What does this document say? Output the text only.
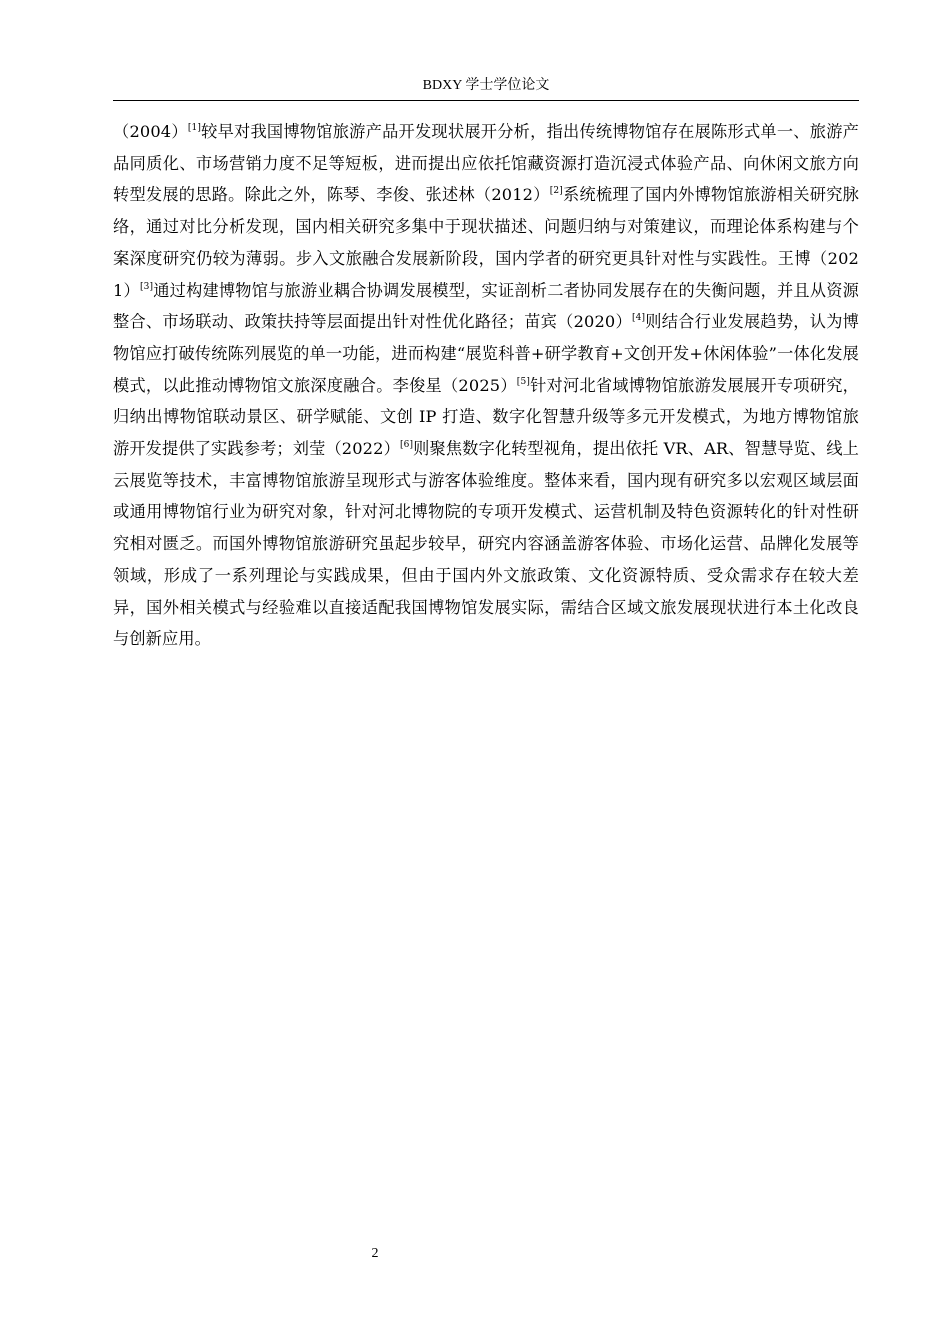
BDXY 学士学位论文

（2004）[1]较早对我国博物馆旅游产品开发现状展开分析，指出传统博物馆存在展陈形式单一、旅游产品同质化、市场营销力度不足等短板，进而提出应依托馆藏资源打造沉浸式体验产品、向休闲文旅方向转型发展的思路。除此之外，陈琴、李俊、张述林（2012）[2]系统梳理了国内外博物馆旅游相关研究脉络，通过对比分析发现，国内相关研究多集中于现状描述、问题归纳与对策建议，而理论体系构建与个案深度研究仍较为薄弱。步入文旅融合发展新阶段，国内学者的研究更具针对性与实践性。王博（2021）[3]通过构建博物馆与旅游业耦合协调发展模型，实证剖析二者协同发展存在的失衡问题，并且从资源整合、市场联动、政策扶持等层面提出针对性优化路径；苗宾（2020）[4]则结合行业发展趋势，认为博物馆应打破传统陈列展览的单一功能，进而构建“展览科普+研学教育+文创开发+休闲体验”一体化发展模式，以此推动博物馆文旅深度融合。李俊星（2025）[5]针对河北省域博物馆旅游发展展开专项研究，归纳出博物馆联动景区、研学赋能、文创 IP 打造、数字化智慧升级等多元开发模式，为地方博物馆旅游开发提供了实践参考；刘莹（2022）[6]则聚焦数字化转型视角，提出依托 VR、AR、智慧导览、线上云展览等技术，丰富博物馆旅游呈现形式与游客体验维度。整体来看，国内现有研究多以宏观区域层面或通用博物馆行业为研究对象，针对河北博物院的专项开发模式、运营机制及特色资源转化的针对性研究相对匮乏。而国外博物馆旅游研究虽起步较早，研究内容涵盖游客体验、市场化运营、品牌化发展等领域，形成了一系列理论与实践成果，但由于国内外文旅政策、文化资源特质、受众需求存在较大差异，国外相关模式与经验难以直接适配我国博物馆发展实际，需结合区域文旅发展现状进行本土化改良与创新应用。

2
